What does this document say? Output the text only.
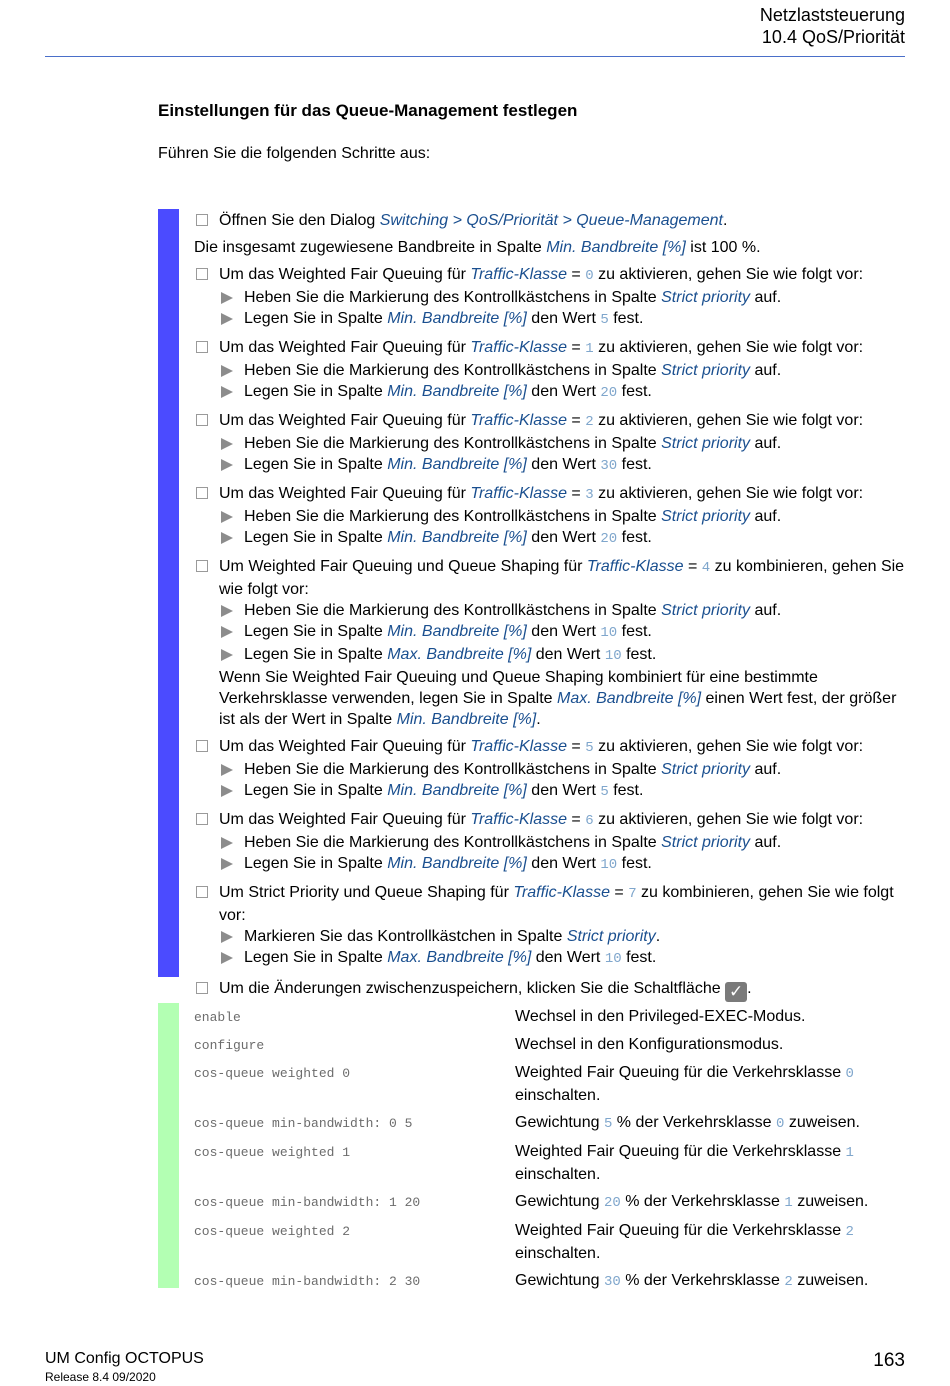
Netzlaststeuerung
10.4 QoS/Priorität
Einstellungen für das Queue-Management festlegen
Führen Sie die folgenden Schritte aus:
Öffnen Sie den Dialog Switching > QoS/Priorität > Queue-Management.
Die insgesamt zugewiesene Bandbreite in Spalte Min. Bandbreite [%] ist 100 %.
Um das Weighted Fair Queuing für Traffic-Klasse = 0 zu aktivieren, gehen Sie wie folgt vor:
Heben Sie die Markierung des Kontrollkästchens in Spalte Strict priority auf.
Legen Sie in Spalte Min. Bandbreite [%] den Wert 5 fest.
Um das Weighted Fair Queuing für Traffic-Klasse = 1 zu aktivieren, gehen Sie wie folgt vor:
Heben Sie die Markierung des Kontrollkästchens in Spalte Strict priority auf.
Legen Sie in Spalte Min. Bandbreite [%] den Wert 20 fest.
Um das Weighted Fair Queuing für Traffic-Klasse = 2 zu aktivieren, gehen Sie wie folgt vor:
Heben Sie die Markierung des Kontrollkästchens in Spalte Strict priority auf.
Legen Sie in Spalte Min. Bandbreite [%] den Wert 30 fest.
Um das Weighted Fair Queuing für Traffic-Klasse = 3 zu aktivieren, gehen Sie wie folgt vor:
Heben Sie die Markierung des Kontrollkästchens in Spalte Strict priority auf.
Legen Sie in Spalte Min. Bandbreite [%] den Wert 20 fest.
Um Weighted Fair Queuing und Queue Shaping für Traffic-Klasse = 4 zu kombinieren, gehen Sie wie folgt vor:
Heben Sie die Markierung des Kontrollkästchens in Spalte Strict priority auf.
Legen Sie in Spalte Min. Bandbreite [%] den Wert 10 fest.
Legen Sie in Spalte Max. Bandbreite [%] den Wert 10 fest.
Wenn Sie Weighted Fair Queuing und Queue Shaping kombiniert für eine bestimmte Verkehrsklasse verwenden, legen Sie in Spalte Max. Bandbreite [%] einen Wert fest, der größer ist als der Wert in Spalte Min. Bandbreite [%].
Um das Weighted Fair Queuing für Traffic-Klasse = 5 zu aktivieren, gehen Sie wie folgt vor:
Heben Sie die Markierung des Kontrollkästchens in Spalte Strict priority auf.
Legen Sie in Spalte Min. Bandbreite [%] den Wert 5 fest.
Um das Weighted Fair Queuing für Traffic-Klasse = 6 zu aktivieren, gehen Sie wie folgt vor:
Heben Sie die Markierung des Kontrollkästchens in Spalte Strict priority auf.
Legen Sie in Spalte Min. Bandbreite [%] den Wert 10 fest.
Um Strict Priority und Queue Shaping für Traffic-Klasse = 7 zu kombinieren, gehen Sie wie folgt vor:
Markieren Sie das Kontrollkästchen in Spalte Strict priority.
Legen Sie in Spalte Max. Bandbreite [%] den Wert 10 fest.
Um die Änderungen zwischenzuspeichern, klicken Sie die Schaltfläche ✓ .
enable	Wechsel in den Privileged-EXEC-Modus.
configure	Wechsel in den Konfigurationsmodus.
cos-queue weighted 0	Weighted Fair Queuing für die Verkehrsklasse 0 einschalten.
cos-queue min-bandwidth: 0 5	Gewichtung 5 % der Verkehrsklasse 0 zuweisen.
cos-queue weighted 1	Weighted Fair Queuing für die Verkehrsklasse 1 einschalten.
cos-queue min-bandwidth: 1 20	Gewichtung 20 % der Verkehrsklasse 1 zuweisen.
cos-queue weighted 2	Weighted Fair Queuing für die Verkehrsklasse 2 einschalten.
cos-queue min-bandwidth: 2 30	Gewichtung 30 % der Verkehrsklasse 2 zuweisen.
UM Config OCTOPUS
Release 8.4 09/2020
163
